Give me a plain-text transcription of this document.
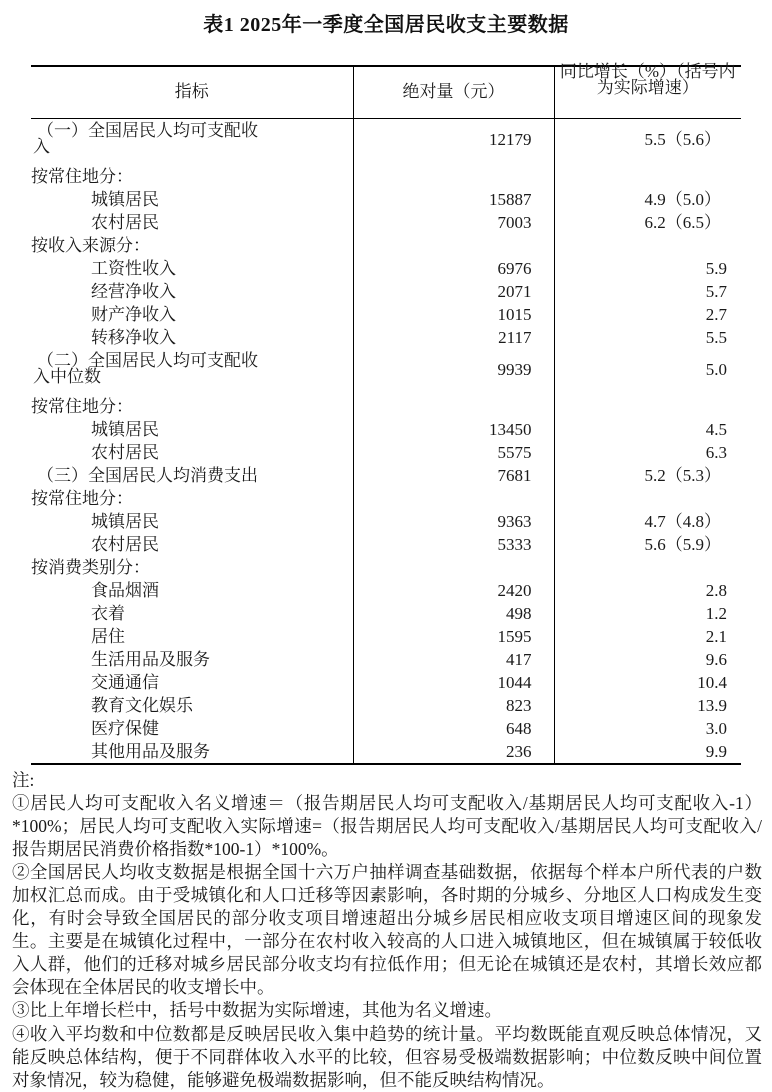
表1 2025年一季度全国居民收支主要数据
指标	绝对量（元）	同比增长（%）（括号内为实际增速）

（一）全国居民人均可支配收
入	12179	5.5（5.6）

按常住地分：		

城镇居民	15887	4.9（5.0）

农村居民	7003	6.2（6.5）

按收入来源分：		

工资性收入	6976	5.9

经营净收入	2071	5.7

财产净收入	1015	2.7

转移净收入	2117	5.5

（二）全国居民人均可支配收
入中位数	9939	5.0

按常住地分：		

城镇居民	13450	4.5

农村居民	5575	6.3

（三）全国居民人均消费支出	7681	5.2（5.3）

按常住地分：		

城镇居民	9363	4.7（4.8）

农村居民	5333	5.6（5.9）

按消费类别分：		

食品烟酒	2420	2.8

衣着	498	1.2

居住	1595	2.1

生活用品及服务	417	9.6

交通通信	1044	10.4

教育文化娱乐	823	13.9

医疗保健	648	3.0

其他用品及服务	236	9.9

注:

①居民人均可支配收入名义增速＝（报告期居民人均可支配收入/基期居民人均可支配收入-1）*100%；居民人均可支配收入实际增速=（报告期居民人均可支配收入/基期居民人均可支配收入/报告期居民消费价格指数*100-1）*100%。

②全国居民人均收支数据是根据全国十六万户抽样调查基础数据，依据每个样本户所代表的户数加权汇总而成。由于受城镇化和人口迁移等因素影响，各时期的分城乡、分地区人口构成发生变化，有时会导致全国居民的部分收支项目增速超出分城乡居民相应收支项目增速区间的现象发生。主要是在城镇化过程中，一部分在农村收入较高的人口进入城镇地区，但在城镇属于较低收入人群，他们的迁移对城乡居民部分收支均有拉低作用；但无论在城镇还是农村，其增长效应都会体现在全体居民的收支增长中。

③比上年增长栏中，括号中数据为实际增速，其他为名义增速。

④收入平均数和中位数都是反映居民收入集中趋势的统计量。平均数既能直观反映总体情况，又能反映总体结构，便于不同群体收入水平的比较，但容易受极端数据影响；中位数反映中间位置对象情况，较为稳健，能够避免极端数据影响，但不能反映结构情况。
